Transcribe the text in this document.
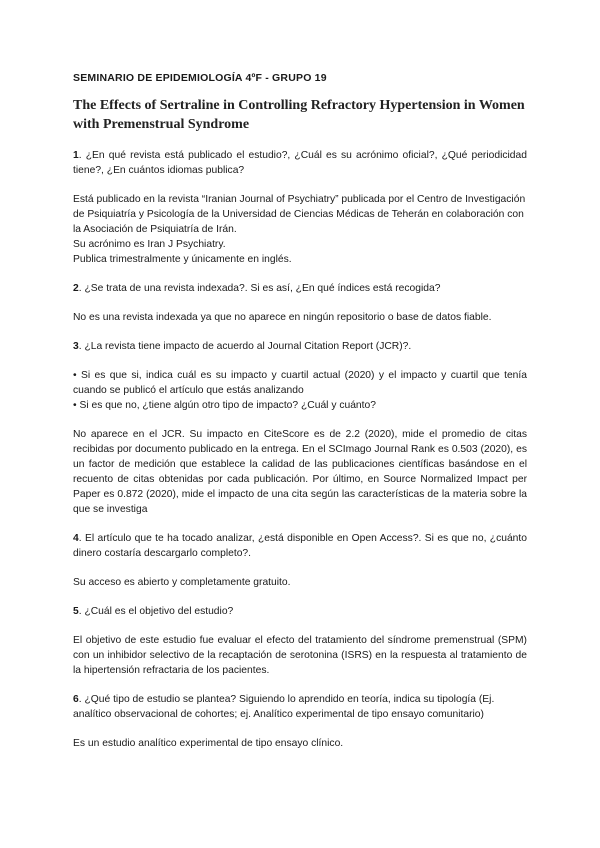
SEMINARIO DE EPIDEMIOLOGÍA 4ºF - GRUPO 19
The Effects of Sertraline in Controlling Refractory Hypertension in Women with Premenstrual Syndrome

1. ¿En qué revista está publicado el estudio?, ¿Cuál es su acrónimo oficial?, ¿Qué periodicidad tiene?, ¿En cuántos idiomas publica?

Está publicado en la revista “Iranian Journal of Psychiatry” publicada por el Centro de Investigación de Psiquiatría y Psicología de la Universidad de Ciencias Médicas de Teherán en colaboración con la Asociación de Psiquiatría de Irán.
Su acrónimo es Iran J Psychiatry.
Publica trimestralmente y únicamente en inglés.

2. ¿Se trata de una revista indexada?. Si es así, ¿En qué índices está recogida?

No es una revista indexada ya que no aparece en ningún repositorio o base de datos fiable.

3. ¿La revista tiene impacto de acuerdo al Journal Citation Report (JCR)?.

• Si es que si, indica cuál es su impacto y cuartil actual (2020) y el impacto y cuartil que tenía cuando se publicó el artículo que estás analizando
• Si es que no, ¿tiene algún otro tipo de impacto? ¿Cuál y cuánto?

No aparece en el JCR. Su impacto en CiteScore es de 2.2 (2020), mide el promedio de citas recibidas por documento publicado en la entrega. En el SCImago Journal Rank es 0.503 (2020), es un factor de medición que establece la calidad de las publicaciones científicas basándose en el recuento de citas obtenidas por cada publicación. Por último, en Source Normalized Impact per Paper es 0.872 (2020), mide el impacto de una cita según las características de la materia sobre la que se investiga

4. El artículo que te ha tocado analizar, ¿está disponible en Open Access?. Si es que no, ¿cuánto dinero costaría descargarlo completo?.

Su acceso es abierto y completamente gratuito.

5. ¿Cuál es el objetivo del estudio?

El objetivo de este estudio fue evaluar el efecto del tratamiento del síndrome premenstrual (SPM) con un inhibidor selectivo de la recaptación de serotonina (ISRS) en la respuesta al tratamiento de la hipertensión refractaria de los pacientes.

6. ¿Qué tipo de estudio se plantea? Siguiendo lo aprendido en teoría, indica su tipología (Ej. analítico observacional de cohortes; ej. Analítico experimental de tipo ensayo comunitario)

Es un estudio analítico experimental de tipo ensayo clínico.
